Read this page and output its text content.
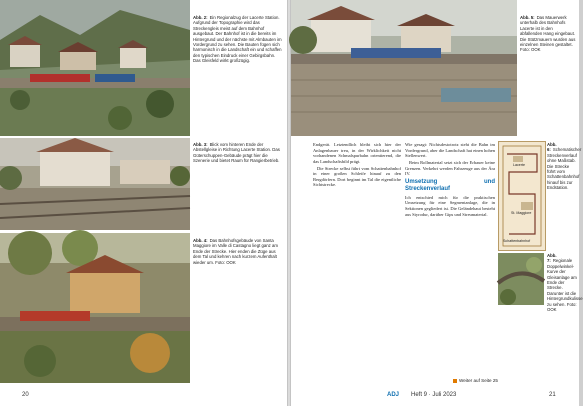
Abb. 2: Ein Regionalzug der Lacerte Station. Aufgrund der Topographie wird das Streckengleis meist auf dem Bahnhof ausgebaut. Der Bahnhof ist in die bereits im Hintergrund und der nächste mit Almbauten im Vordergrund zu sehen. Die Bauten fügen sich harmonisch in die Landschaft ein und schaffen den typischen Eindruck einer Gebirgsbahn. Das Gleisfeld wirkt großzügig.

Abb. 3: Blick vom hinteren Ende der Abstellgleise in Richtung Lacerte Station. Das Güterschuppen-Gebäude prägt hier die Szenerie und bietet Raum für Rangierbetrieb.

Abb. 4: Das Bahnhofsgebäude von Santa Maggiore im Valle di Castagno liegt ganz am Ende der Strecke. Hier enden die Züge aus dem Tal und kehren nach kurzem Aufenthalt wieder um. Foto: OOK

20

Abb. 5: Das Mauerwerk unterhalb des Bahnhofs Lacerte ist in den abfallenden Hang eingebaut. Die Stützmauern wurden aus einzelnen Steinen gestaltet. Foto: OOK

Endgerät. Letztendlich bleibt sich hier der Anlagenbauer treu, in der Wirklichkeit nicht vorhandenen Schmalspurbahn orientierend, die das Landschaftsbild prägt.

Die Strecke selbst führt vom Schattenbahnhof in einer großen Schleife hinauf zu den Bergdörfern. Dort beginnt im Tal die eigentliche Sichtstrecke.

Wie gesagt: Nichtsdestotrotz steht die Bahn im Vordergrund, aber die Landschaft hat einen hohen Stellenwert.

Beim Rollmaterial setzt sich der Erbauer keine Grenzen. Verkehrt werden Fahrzeuge aus der Ära IV.

Umsetzung und Streckenverlauf

Ich entschied mich für die praktischen Umsetzung für eine Segmentanlage, die in Sektionen gegliedert ist. Die Geländehaut besteht aus Styrodur, darüber Gips und Streumaterial.

Weiter auf Seite 25
Lacerte
St. Maggiore
Schattenbahnhof

Abb. 6: Schematischer Streckenverlauf ohne Maßstab. Die Strecke führt vom Schattenbahnhof hinauf bis zur Endstation.

Abb. 7: Regionale Doppelwinkel-Kurve der Gleisanlage am Ende der Strecke. Darunter ist die Hintergrundkulisse zu sehen. Foto: OOK

ADJ Heft 9 · Juli 2023	21
